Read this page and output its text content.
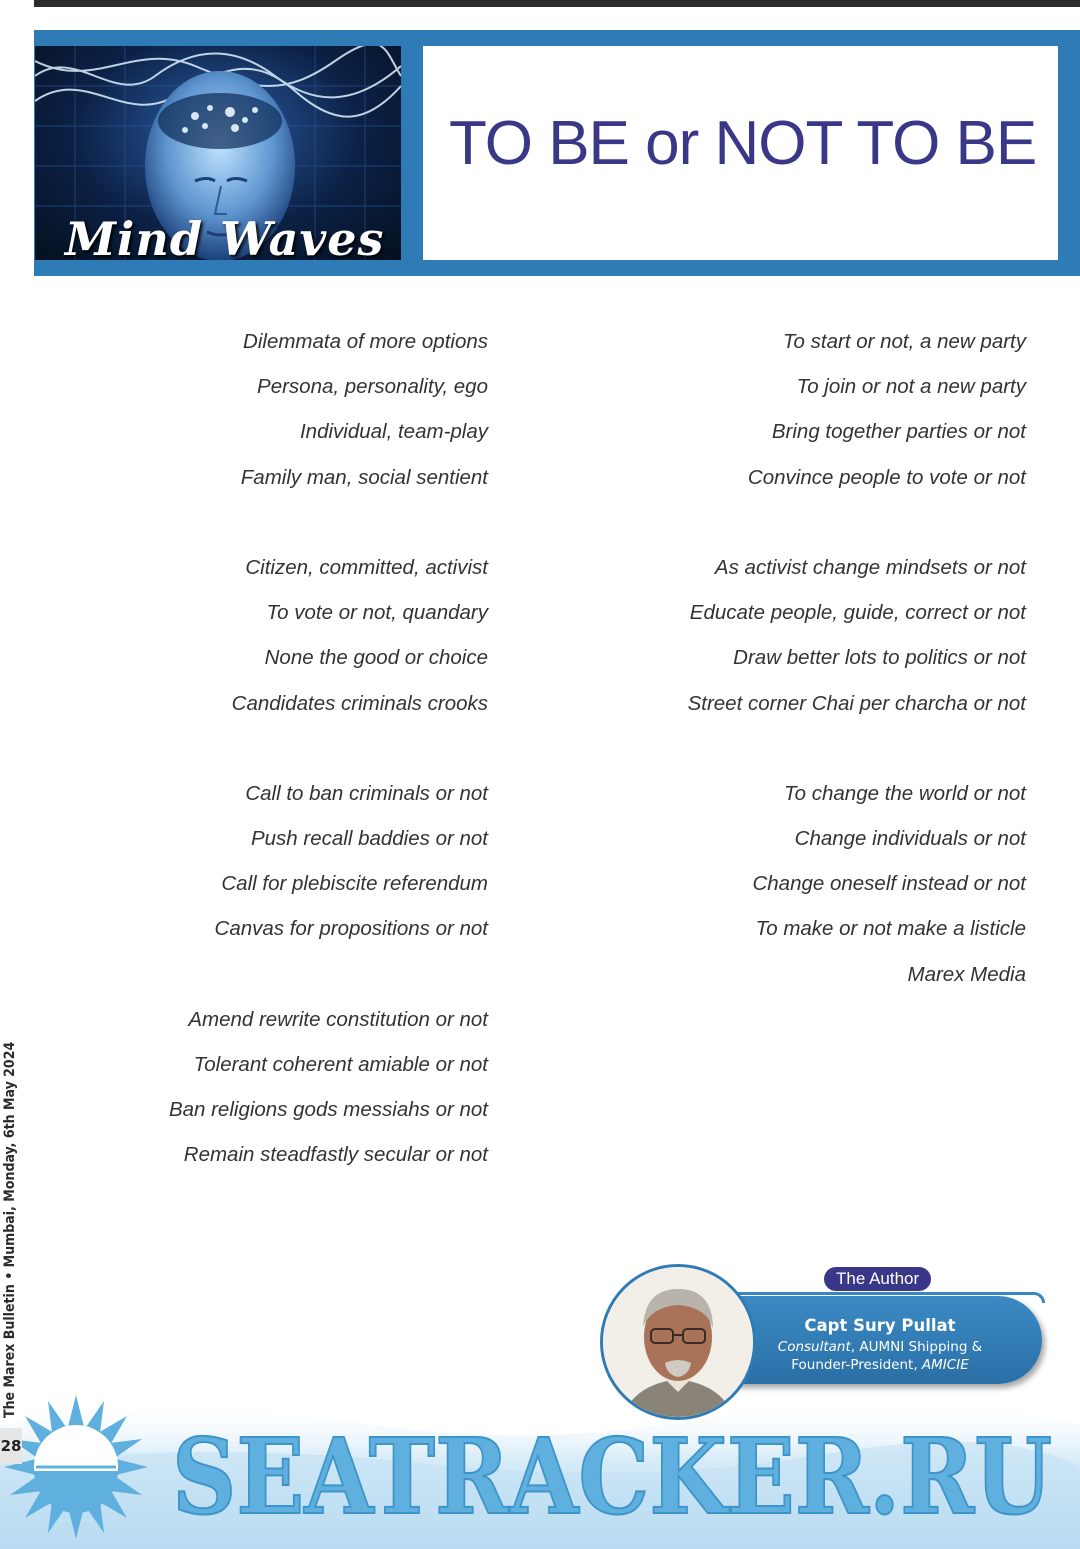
Mind Waves
TO BE or NOT TO BE
Dilemmata of more options
Persona, personality, ego
Individual, team-play
Family man, social sentient
Citizen, committed, activist
To vote or not, quandary
None the good or choice
Candidates criminals crooks
Call to ban criminals or not
Push recall baddies or not
Call for plebiscite referendum
Canvas for propositions or not
Amend rewrite constitution or not
Tolerant coherent amiable or not
Ban religions gods messiahs or not
Remain steadfastly secular or not
To start or not, a new party
To join or not a new party
Bring together parties or not
Convince people to vote or not
As activist change mindsets or not
Educate people, guide, correct or not
Draw better lots to politics or not
Street corner Chai per charcha or not
To change the world or not
Change individuals or not
Change oneself instead or not
To make or not make a listicle

Marex Media

The Author

Capt Sury Pullat

Consultant, AUMNI Shipping &
Founder-President, AMICIE

SEATRACKER.RU
The Marex Bulletin • Mumbai, Monday, 6th May 2024
28
